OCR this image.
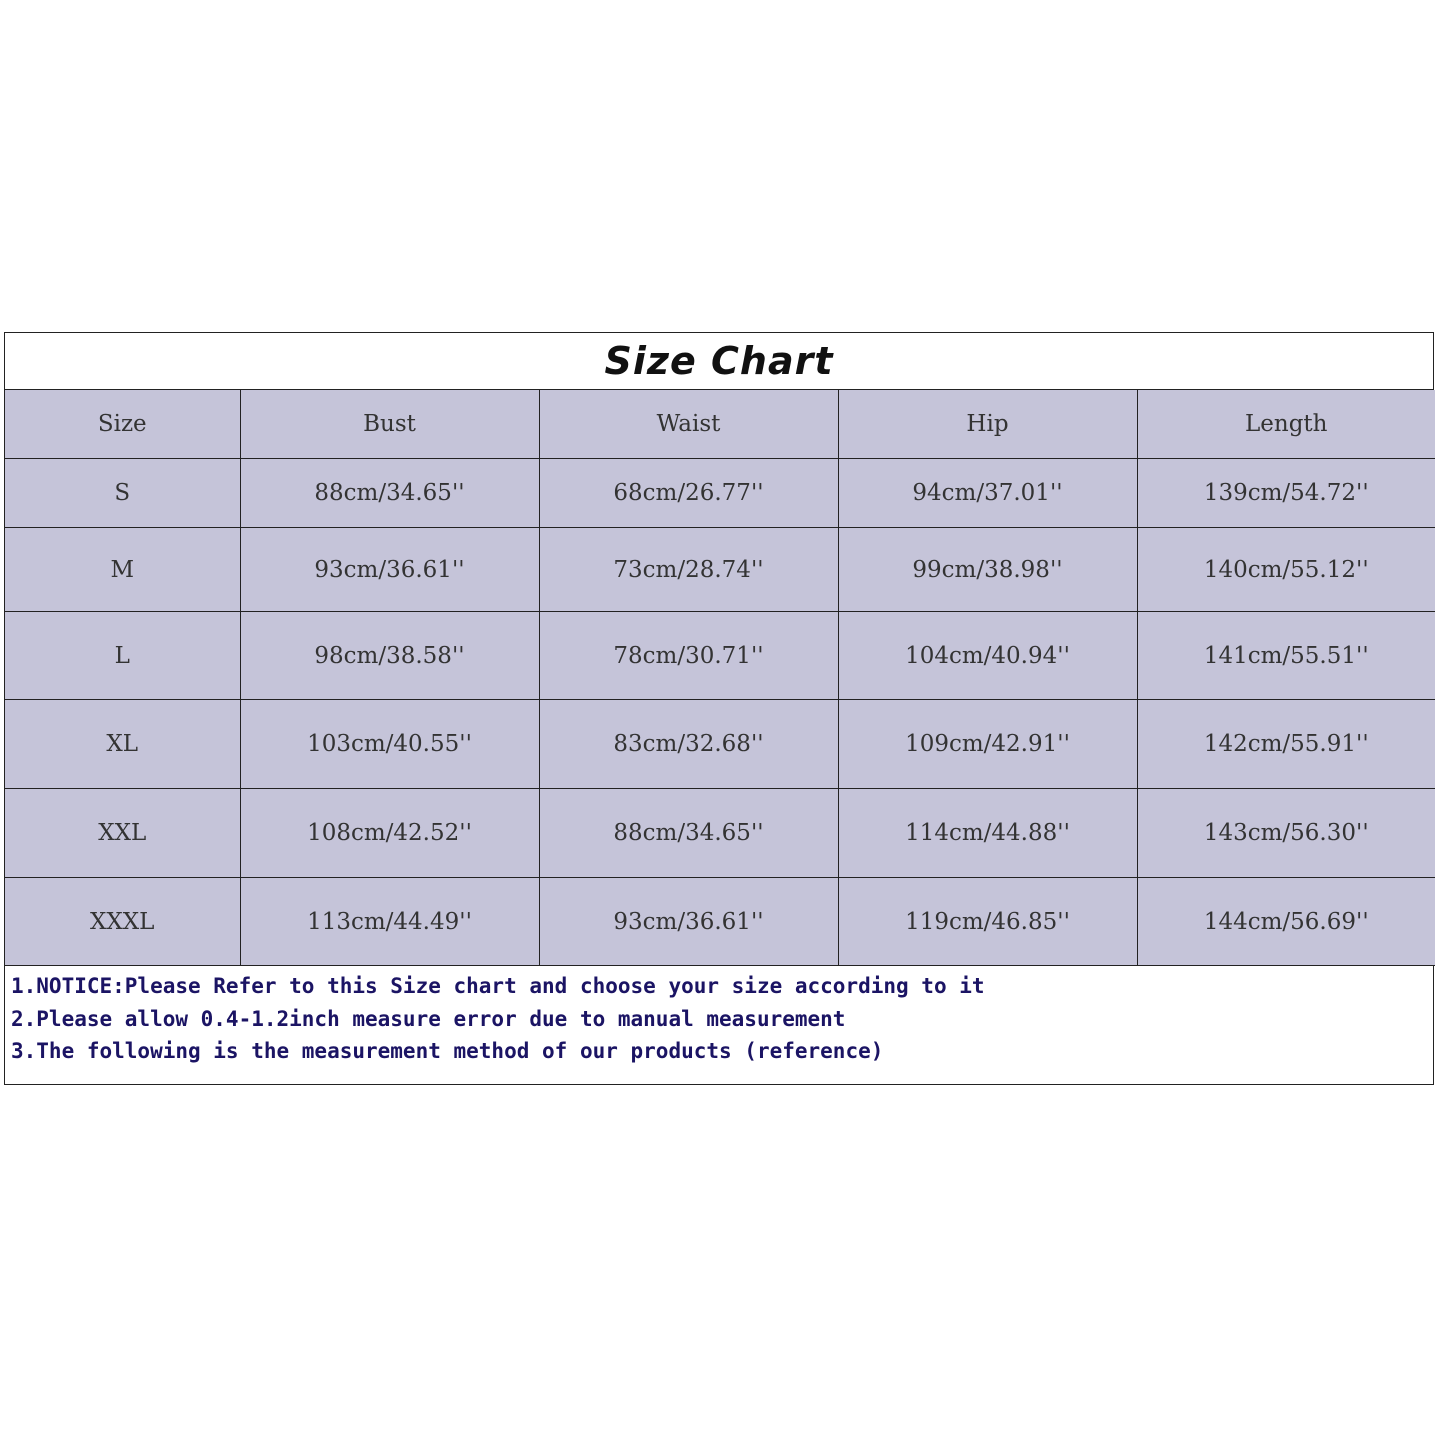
Size Chart
Size	Bust	Waist	Hip	Length
S	88cm/34.65''	68cm/26.77''	94cm/37.01''	139cm/54.72''
M	93cm/36.61''	73cm/28.74''	99cm/38.98''	140cm/55.12''
L	98cm/38.58''	78cm/30.71''	104cm/40.94''	141cm/55.51''
XL	103cm/40.55''	83cm/32.68''	109cm/42.91''	142cm/55.91''
XXL	108cm/42.52''	88cm/34.65''	114cm/44.88''	143cm/56.30''
XXXL	113cm/44.49''	93cm/36.61''	119cm/46.85''	144cm/56.69''
1.NOTICE:Please Refer to this Size chart and choose your size according to it
2.Please allow 0.4-1.2inch measure error due to manual measurement
3.The following is the measurement method of our products (reference)
